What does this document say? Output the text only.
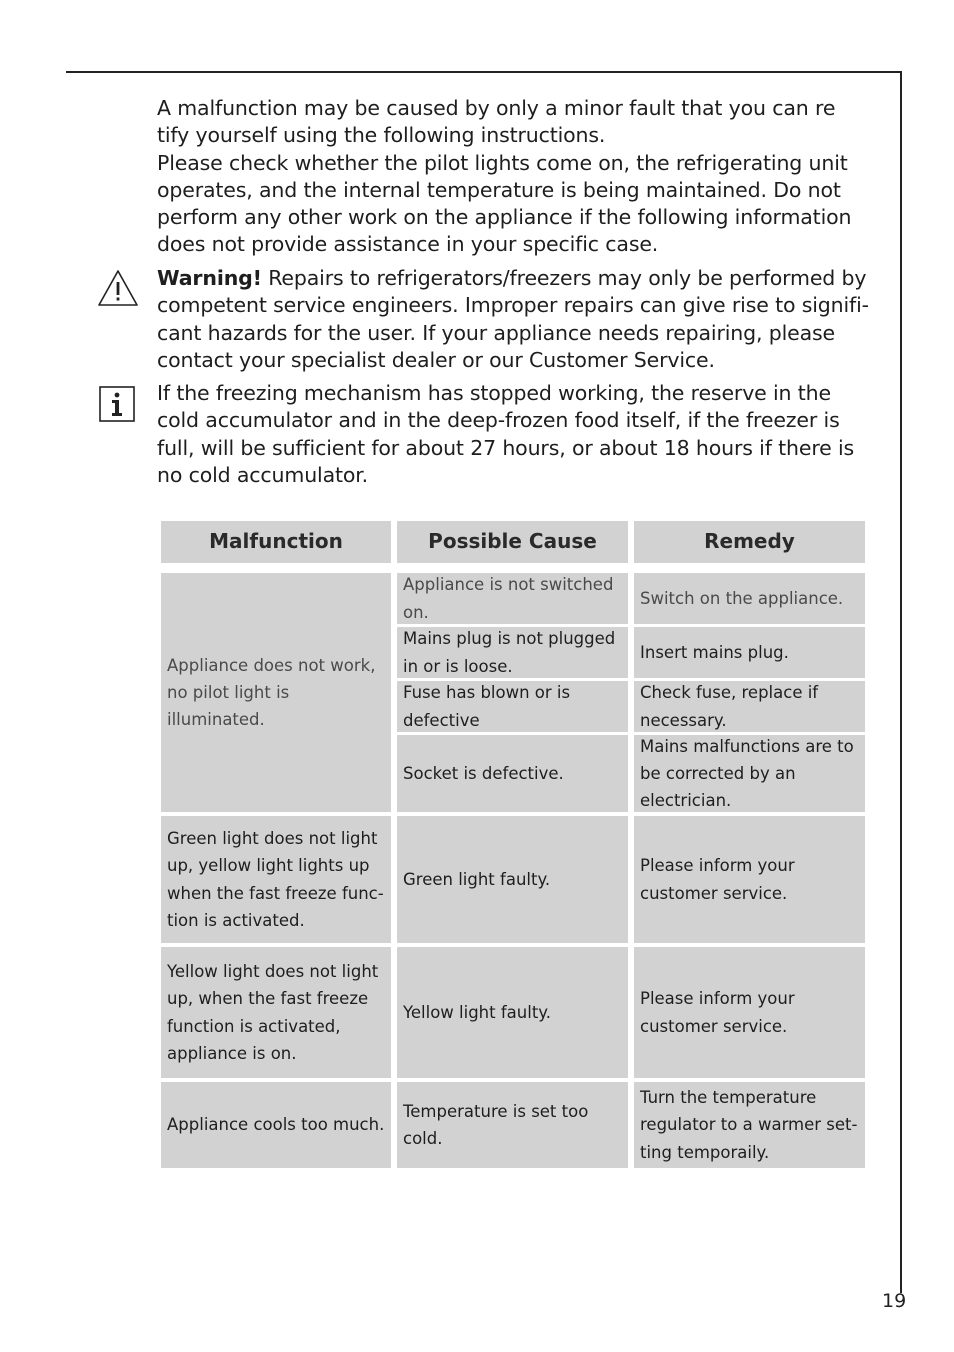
A malfunction may be caused by only a minor fault that you can re tify yourself using the following instructions.

Please check whether the pilot lights come on, the refrigerating unit operates, and the internal temperature is being maintained. Do not perform any other work on the appliance if the following information does not provide assistance in your specific case.

Warning! Repairs to refrigerators/freezers may only be performed by competent service engineers. Improper repairs can give rise to signifi-cant hazards for the user. If your appliance needs repairing, please contact your specialist dealer or our Customer Service.

If the freezing mechanism has stopped working, the reserve in the cold accumulator and in the deep-frozen food itself, if the freezer is full, will be sufficient for about 27 hours, or about 18 hours if there is no cold accumulator.

Malfunction	Possible Cause	Remedy
Appliance does not work, no pilot light is illuminated.
Appliance is not switched on.
Switch on the appliance.
Mains plug is not plugged in or is loose.
Insert mains plug.
Fuse has blown or is defective
Check fuse, replace if necessary.
Socket is defective.
Mains malfunctions are to be corrected by an electrician.
Green light does not light up, yellow light lights up when the fast freeze func-tion is activated.
Green light faulty.
Please inform your customer service.
Yellow light does not light up, when the fast freeze function is activated, appliance is on.
Yellow light faulty.
Please inform your customer service.
Appliance cools too much.
Temperature is set too cold.
Turn the temperature regulator to a warmer set-ting temporaily.
19
